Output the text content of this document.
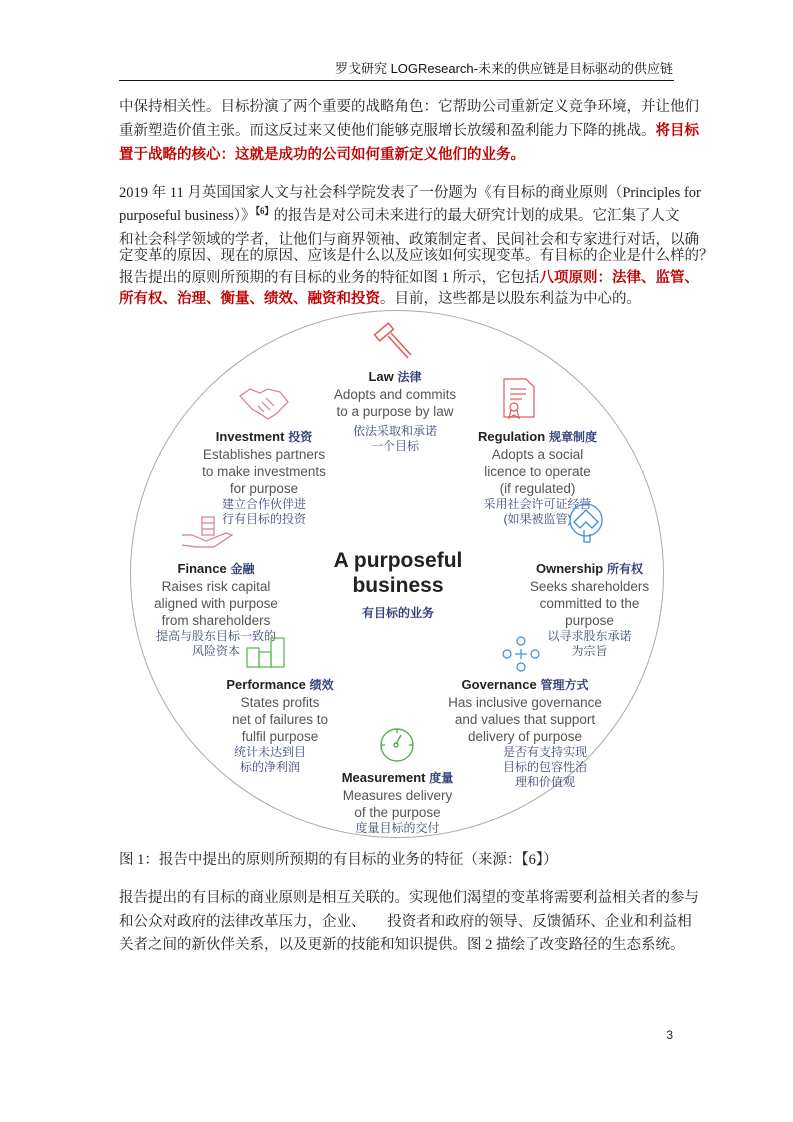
罗戈研究 LOGResearch-未来的供应链是目标驱动的供应链
中保持相关性。目标扮演了两个重要的战略角色：它帮助公司重新定义竞争环境，并让他们
重新塑造价值主张。而这反过来又使他们能够克服增长放缓和盈利能力下降的挑战。将目标
置于战略的核心：这就是成功的公司如何重新定义他们的业务。
2019 年 11 月英国国家人文与社会科学院发表了一份题为《有目标的商业原则（Principles for
purposeful business）》$^{【6】}$的报告是对公司未来进行的最大研究计划的成果。它汇集了人文
和社会科学领域的学者，让他们与商界领袖、政策制定者、民间社会和专家进行对话，以确
定变革的原因、现在的原因、应该是什么以及应该如何实现变革。有目标的企业是什么样的？
报告提出的原则所预期的有目标的业务的特征如图 1 所示，它包括八项原则：法律、监管、
所有权、治理、衡量、绩效、融资和投资。目前，这些都是以股东利益为中心的。
Law 法律
Adopts and commits
to a purpose by law
依法采取和承诺
一个目标
Regulation 规章制度
Adopts a social
licence to operate
(if regulated)
采用社会许可证经营
(如果被监管)
Investment 投资
Establishes partners
to make investments
for purpose
建立合作伙伴进
行有目标的投资
Finance 金融
Raises risk capital
aligned with purpose
from shareholders
提高与股东目标一致的
风险资本
A purposeful business
有目标的业务
Ownership 所有权
Seeks shareholders
committed to the
purpose
以寻求股东承诺
为宗旨
Governance 管理方式
Has inclusive governance
and values that support
delivery of purpose
是否有支持实现
目标的包容性治
理和价值观
Performance 绩效
States profits
net of failures to
fulfil purpose
统计未达到目
标的净利润
Measurement 度量
Measures delivery
of the purpose
度量目标的交付
图 1：报告中提出的原则所预期的有目标的业务的特征（来源：【6】）
报告提出的有目标的商业原则是相互关联的。实现他们渴望的变革将需要利益相关者的参与
和公众对政府的法律改革压力，企业、　　投资者和政府的领导、反馈循环、企业和利益相
关者之间的新伙伴关系，以及更新的技能和知识提供。图 2 描绘了改变路径的生态系统。
3
